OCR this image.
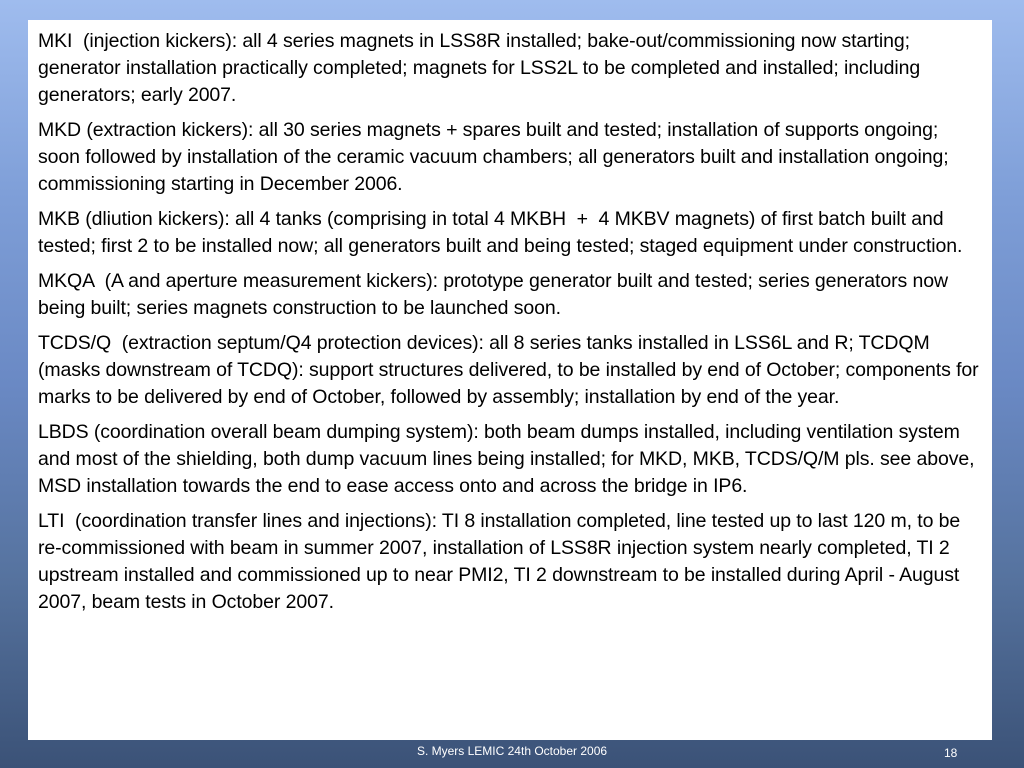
MKI  (injection kickers): all 4 series magnets in LSS8R installed; bake-out/commissioning now starting; generator installation practically completed; magnets for LSS2L to be completed and installed; including generators; early 2007.

MKD (extraction kickers): all 30 series magnets + spares built and tested; installation of supports ongoing; soon followed by installation of the ceramic vacuum chambers; all generators built and installation ongoing; commissioning starting in December 2006.

MKB (dliution kickers): all 4 tanks (comprising in total 4 MKBH  +  4 MKBV magnets) of first batch built and tested; first 2 to be installed now; all generators built and being tested; staged equipment under construction.

MKQA  (A and aperture measurement kickers): prototype generator built and tested; series generators now being built; series magnets construction to be launched soon.

TCDS/Q  (extraction septum/Q4 protection devices): all 8 series tanks installed in LSS6L and R; TCDQM (masks downstream of TCDQ): support structures delivered, to be installed by end of October; components for marks to be delivered by end of October, followed by assembly; installation by end of the year.

LBDS (coordination overall beam dumping system): both beam dumps installed, including ventilation system and most of the shielding, both dump vacuum lines being installed; for MKD, MKB, TCDS/Q/M pls. see above, MSD installation towards the end to ease access onto and across the bridge in IP6.

LTI  (coordination transfer lines and injections): TI 8 installation completed, line tested up to last 120 m, to be re-commissioned with beam in summer 2007, installation of LSS8R injection system nearly completed, TI 2 upstream installed and commissioned up to near PMI2, TI 2 downstream to be installed during April - August 2007, beam tests in October 2007.

S. Myers LEMIC 24th October 2006	18
